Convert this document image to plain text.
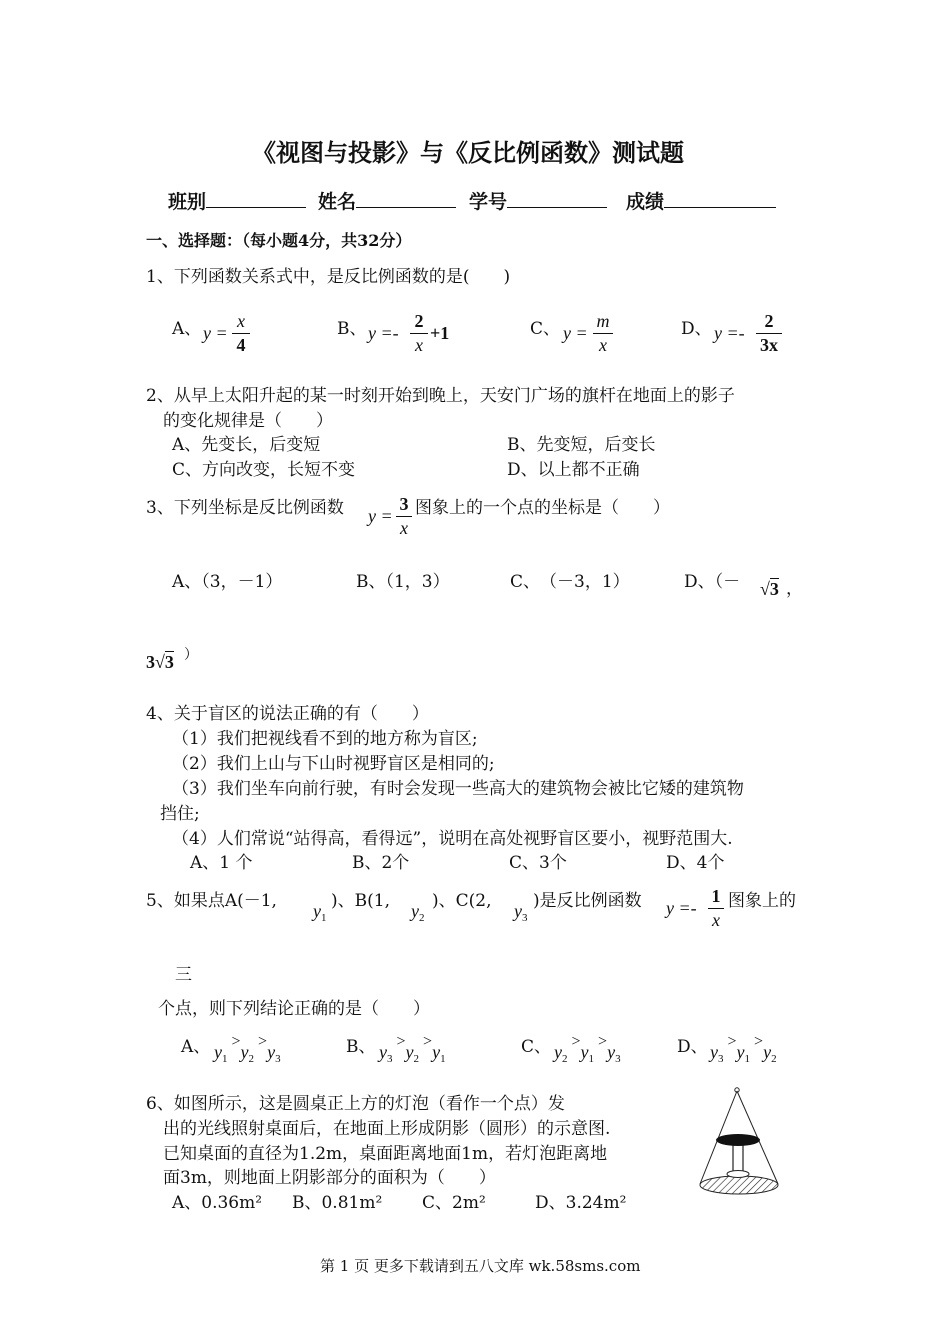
《视图与投影》与《反比例函数》测试题
班别	姓名	学号	成绩
一、选择题：（每小题4分，共32分）
1、下列函数关系式中，是反比例函数的是(　　)
A、 y =
x
4
B、 y =-
2
x
+1	C、 y =
m
x
D、 y =-
2
3x
2、从早上太阳升起的某一时刻开始到晚上，天安门广场的旗杆在地面上的影子
的变化规律是（　　）
A、先变长，后变短	B、先变短，后变长
C、方向改变，长短不变	D、以上都不正确
3、下列坐标是反比例函数 y =
3
x
图象上的一个点的坐标是（　　）
A、（3，－1）	B、（1，3）	C、　（－3，1）	D、（－ √3 ，
3√3 ）
4、关于盲区的说法正确的有（　　）
（1）我们把视线看不到的地方称为盲区;
（2）我们上山与下山时视野盲区是相同的;
（3）我们坐车向前行驶，有时会发现一些高大的建筑物会被比它矮的建筑物
挡住;
（4）人们常说“站得高，看得远”，说明在高处视野盲区要小，视野范围大.
A、1 个	B、2个	C、3个	D、4个
5、如果点A(－1, $y_1$
)、B(1, $y_2$
)、C(2, $y_3$
)是反比例函数 y =-
1
x
图象上的
三
个点，则下列结论正确的是（　　）
A、 $y_1 >y_2 >y_3$
B、 $y_3 >y_2 >y_1$
C、 $y_2 >y_1 >y_3$
D、 $y_3 >y_1 >y_2$
6、如图所示，这是圆桌正上方的灯泡（看作一个点）发
出的光线照射桌面后，在地面上形成阴影（圆形）的示意图.
已知桌面的直径为1.2m，桌面距离地面1m，若灯泡距离地
面3m，则地面上阴影部分的面积为（　　）
A、0.36m² B、0.81m² C、2m²	D、3.24m²
第 1 页 更多下载请到五八文库 wk.58sms.com
